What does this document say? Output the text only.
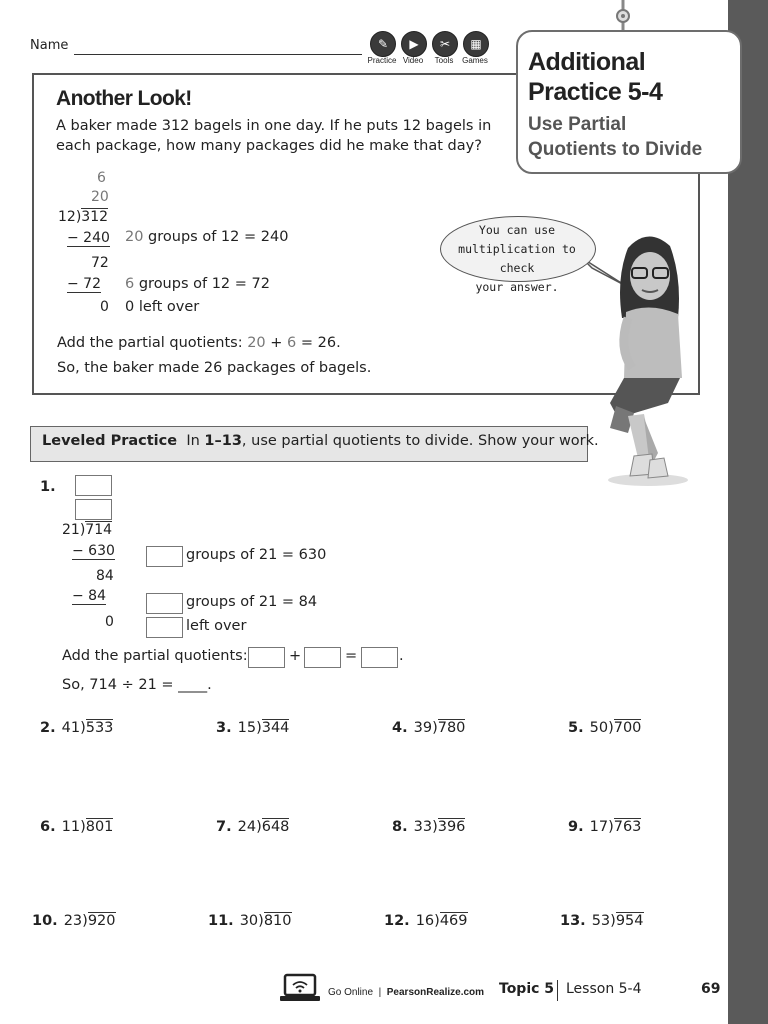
Name	✎
Practice
▶
Video
✂
Tools
▦
Games Additional
Practice 5-4
Use Partial
Quotients to Divide
Another Look!
A baker made 312 bagels in one day. If he puts 12 bagels in each package, how many packages did he make that day?
6
20
12)312
− 240
72
− 72
0
20 groups of 12 = 240
6 groups of 12 = 72
0 left over
Add the partial quotients: 20 + 6 = 26.
So, the baker made 26 packages of bagels.
You can use
multiplication to check
your answer.
Leveled Practice In 1–13, use partial quotients to divide. Show your work.
1.
21)714
− 630
84
− 84
0
groups of 21 = 630
groups of 21 = 84
left over
Add the partial quotients:	+	=	.
So, 714 ÷ 21 = ____.
2. 41)533	3. 15)344	4. 39)780	5. 50)700
6. 11)801	7. 24)648	8. 33)396	9. 17)763
10. 23)920	11. 30)810	12. 16)469	13. 53)954
Go Online | PearsonRealize.com Topic 5 Lesson 5-4	69
